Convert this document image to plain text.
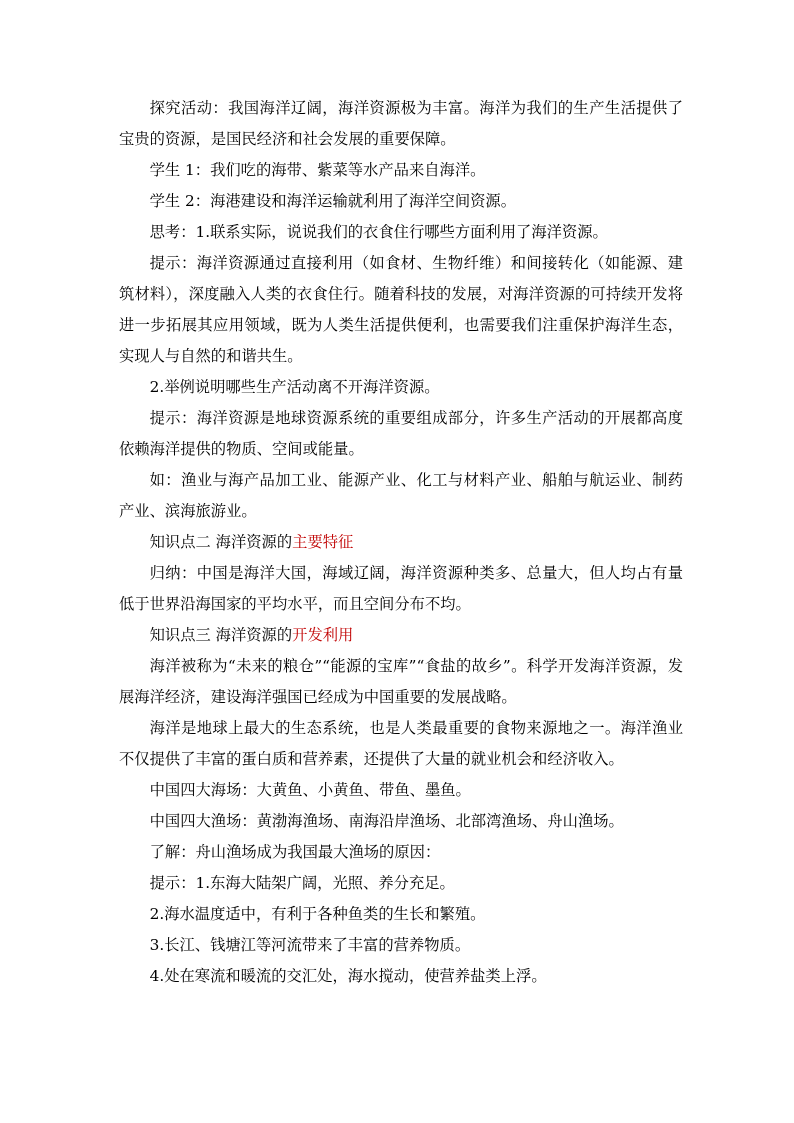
探究活动：我国海洋辽阔，海洋资源极为丰富。海洋为我们的生产生活提供了宝贵的资源，是国民经济和社会发展的重要保障。

学生 1：我们吃的海带、紫菜等水产品来自海洋。

学生 2：海港建设和海洋运输就利用了海洋空间资源。

思考：1.联系实际，说说我们的衣食住行哪些方面利用了海洋资源。

提示：海洋资源通过直接利用（如食材、生物纤维）和间接转化（如能源、建筑材料），深度融入人类的衣食住行。随着科技的发展，对海洋资源的可持续开发将进一步拓展其应用领域，既为人类生活提供便利，也需要我们注重保护海洋生态，实现人与自然的和谐共生。

2.举例说明哪些生产活动离不开海洋资源。

提示：海洋资源是地球资源系统的重要组成部分，许多生产活动的开展都高度依赖海洋提供的物质、空间或能量。

如：渔业与海产品加工业、能源产业、化工与材料产业、船舶与航运业、制药产业、滨海旅游业。

知识点二 海洋资源的主要特征

归纳：中国是海洋大国，海域辽阔，海洋资源种类多、总量大，但人均占有量低于世界沿海国家的平均水平，而且空间分布不均。

知识点三 海洋资源的开发利用

海洋被称为“未来的粮仓”“能源的宝库”“食盐的故乡”。科学开发海洋资源，发展海洋经济，建设海洋强国已经成为中国重要的发展战略。

海洋是地球上最大的生态系统，也是人类最重要的食物来源地之一。海洋渔业不仅提供了丰富的蛋白质和营养素，还提供了大量的就业机会和经济收入。

中国四大海场：大黄鱼、小黄鱼、带鱼、墨鱼。

中国四大渔场：黄渤海渔场、南海沿岸渔场、北部湾渔场、舟山渔场。

了解：舟山渔场成为我国最大渔场的原因：

提示：1.东海大陆架广阔，光照、养分充足。

2.海水温度适中，有利于各种鱼类的生长和繁殖。

3.长江、钱塘江等河流带来了丰富的营养物质。

4.处在寒流和暖流的交汇处，海水搅动，使营养盐类上浮。
